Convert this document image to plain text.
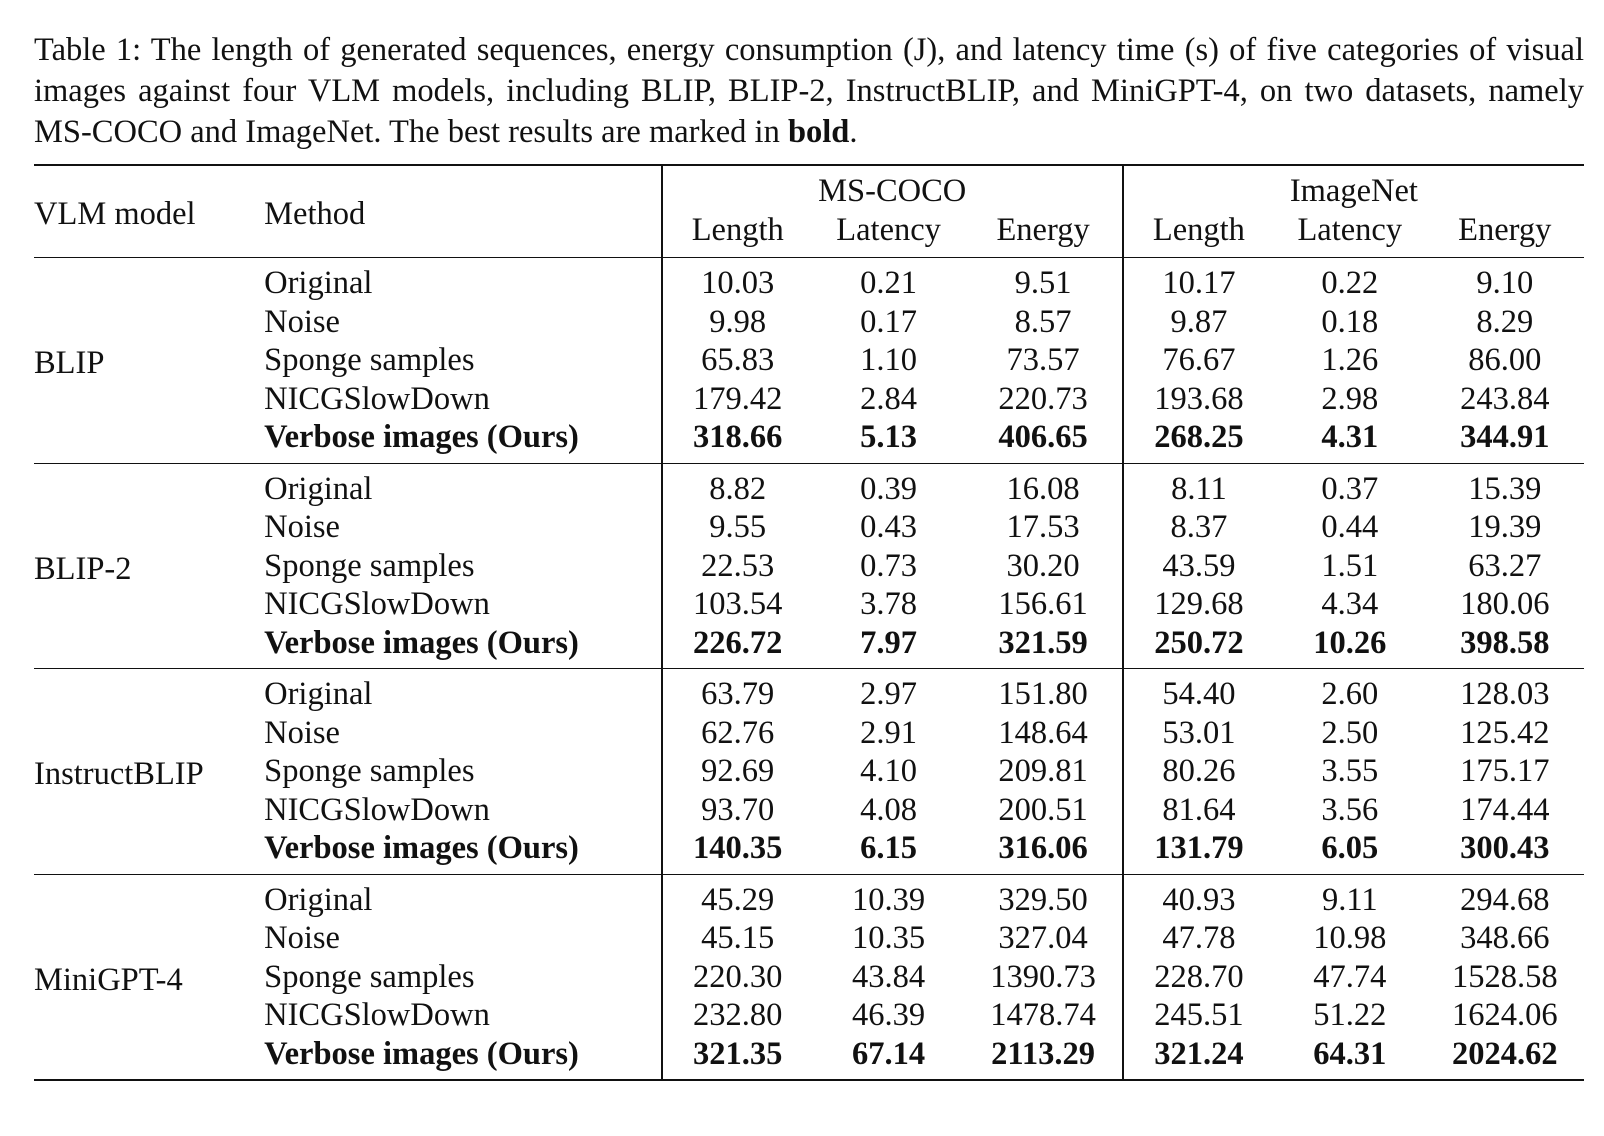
Table 1: The length of generated sequences, energy consumption (J), and latency time (s) of five categories of visual images against four VLM models, including BLIP, BLIP-2, InstructBLIP, and MiniGPT-4, on two datasets, namely MS-COCO and ImageNet. The best results are marked in bold.
VLM model	Method	MS-COCO			ImageNet		
		Length	Latency	Energy	Length	Latency	Energy
BLIP	Original	10.03	0.21	9.51	10.17	0.22	9.10
	Noise	9.98	0.17	8.57	9.87	0.18	8.29
	Sponge samples	65.83	1.10	73.57	76.67	1.26	86.00
	NICGSlowDown	179.42	2.84	220.73	193.68	2.98	243.84
	Verbose images (Ours)	318.66	5.13	406.65	268.25	4.31	344.91
BLIP-2	Original	8.82	0.39	16.08	8.11	0.37	15.39
	Noise	9.55	0.43	17.53	8.37	0.44	19.39
	Sponge samples	22.53	0.73	30.20	43.59	1.51	63.27
	NICGSlowDown	103.54	3.78	156.61	129.68	4.34	180.06
	Verbose images (Ours)	226.72	7.97	321.59	250.72	10.26	398.58
InstructBLIP	Original	63.79	2.97	151.80	54.40	2.60	128.03
	Noise	62.76	2.91	148.64	53.01	2.50	125.42
	Sponge samples	92.69	4.10	209.81	80.26	3.55	175.17
	NICGSlowDown	93.70	4.08	200.51	81.64	3.56	174.44
	Verbose images (Ours)	140.35	6.15	316.06	131.79	6.05	300.43
MiniGPT-4	Original	45.29	10.39	329.50	40.93	9.11	294.68
	Noise	45.15	10.35	327.04	47.78	10.98	348.66
	Sponge samples	220.30	43.84	1390.73	228.70	47.74	1528.58
	NICGSlowDown	232.80	46.39	1478.74	245.51	51.22	1624.06
	Verbose images (Ours)	321.35	67.14	2113.29	321.24	64.31	2024.62
